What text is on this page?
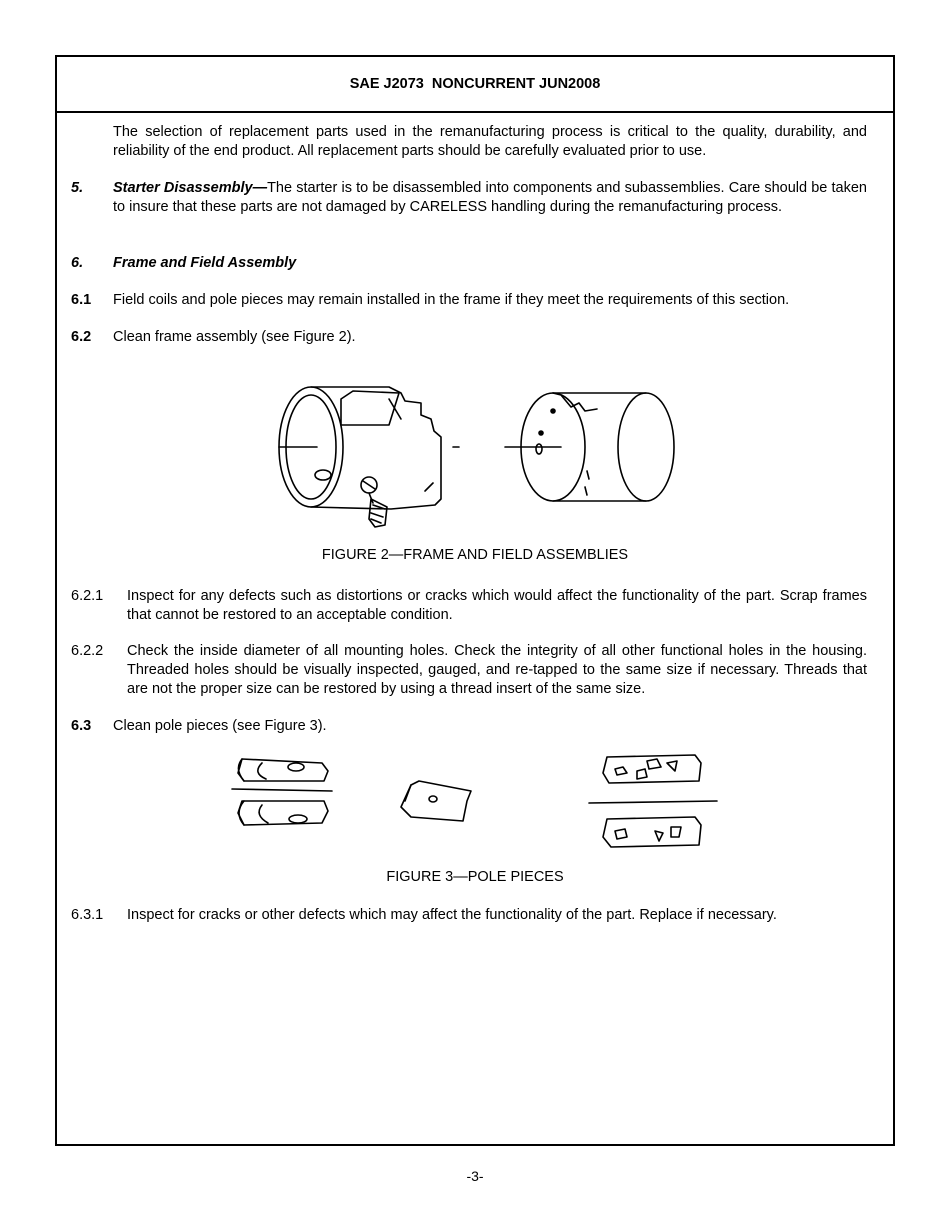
SAE J2073  NONCURRENT JUN2008
The selection of replacement parts used in the remanufacturing process is critical to the quality, durability, and reliability of the end product. All replacement parts should be carefully evaluated prior to use.
5. Starter Disassembly—The starter is to be disassembled into components and subassemblies. Care should be taken to insure that these parts are not damaged by CARELESS handling during the remanufacturing process.
6. Frame and Field Assembly
6.1 Field coils and pole pieces may remain installed in the frame if they meet the requirements of this section.
6.2 Clean frame assembly (see Figure 2).
FIGURE 2—FRAME AND FIELD ASSEMBLIES
6.2.1 Inspect for any defects such as distortions or cracks which would affect the functionality of the part. Scrap frames that cannot be restored to an acceptable condition.
6.2.2 Check the inside diameter of all mounting holes. Check the integrity of all other functional holes in the housing. Threaded holes should be visually inspected, gauged, and re-tapped to the same size if necessary. Threads that are not the proper size can be restored by using a thread insert of the same size.
6.3 Clean pole pieces (see Figure 3).
FIGURE 3—POLE PIECES
6.3.1 Inspect for cracks or other defects which may affect the functionality of the part. Replace if necessary.
-3-
